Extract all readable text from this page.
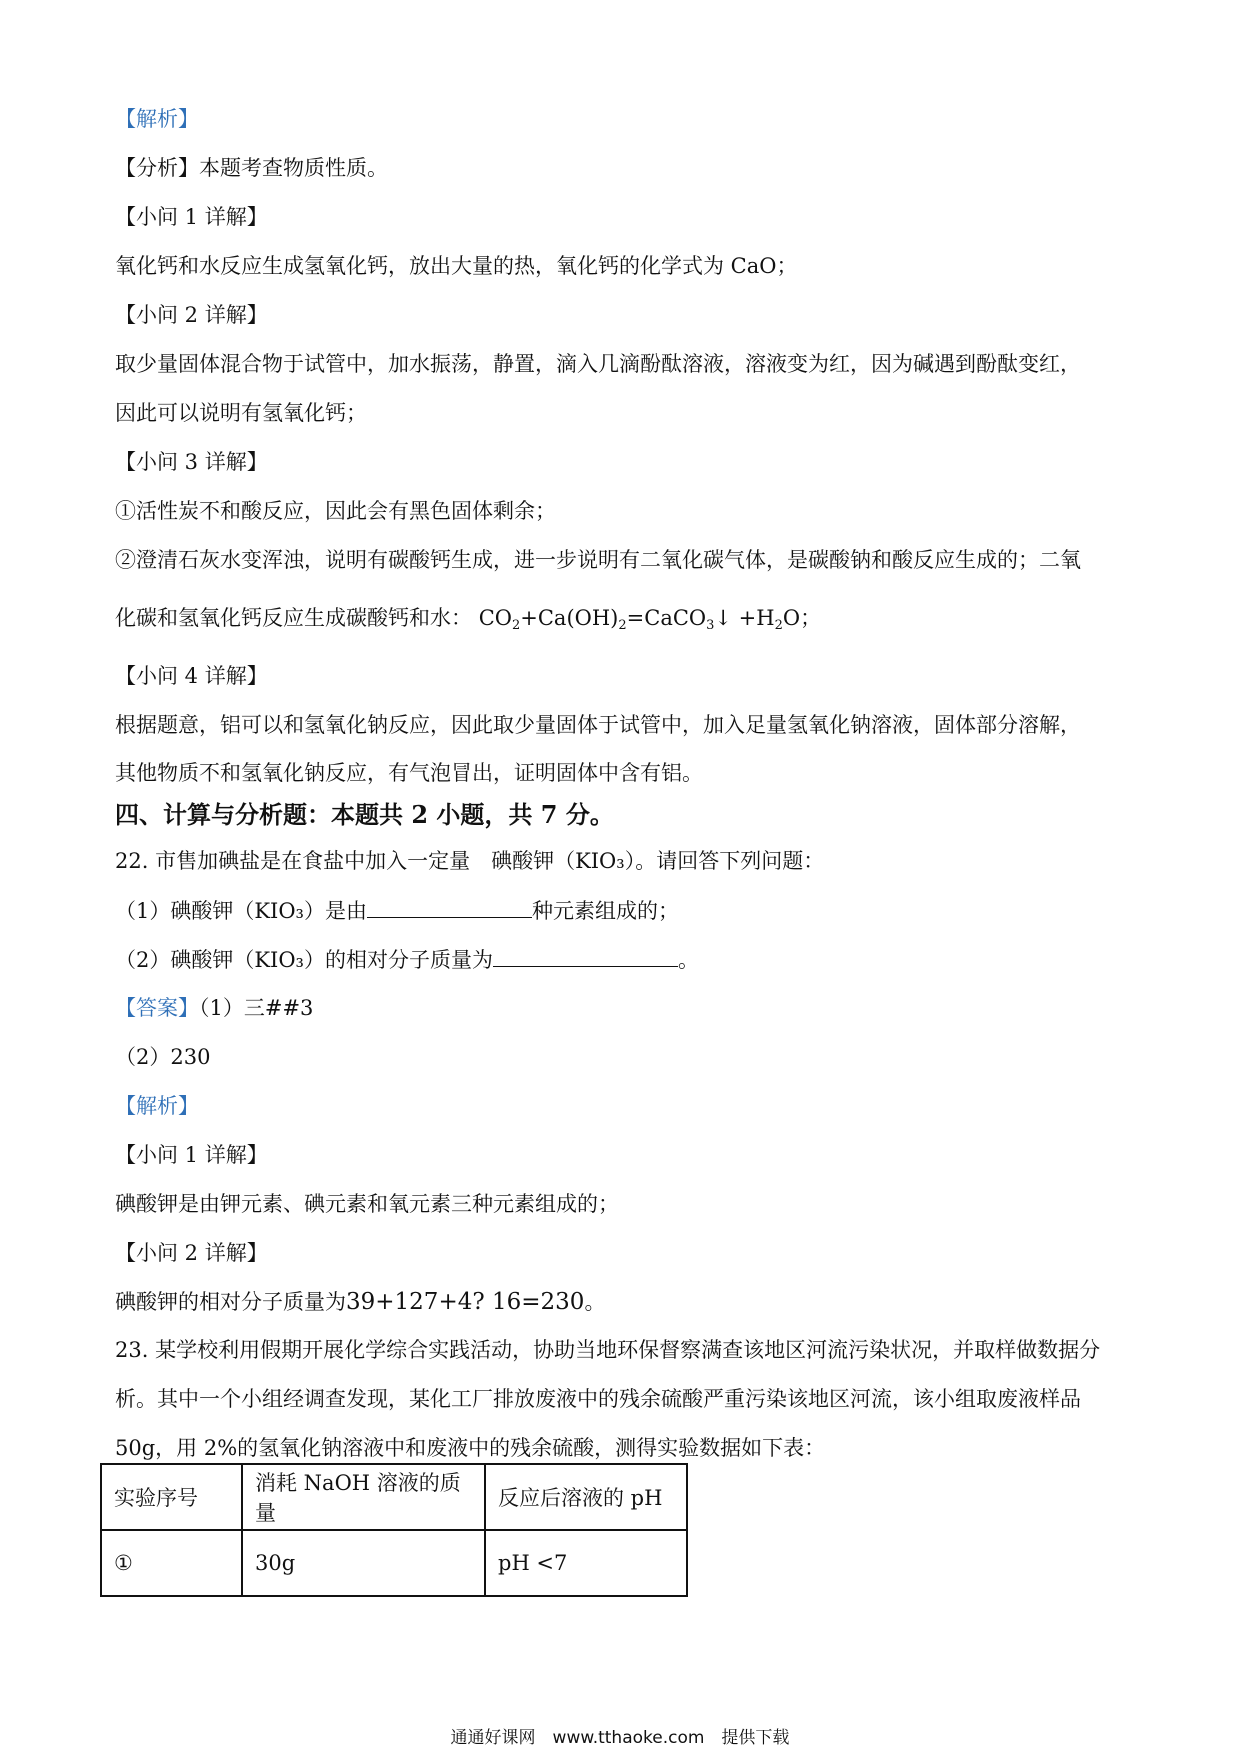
【解析】
【分析】本题考查物质性质。
【小问 1 详解】
氧化钙和水反应生成氢氧化钙，放出大量的热，氧化钙的化学式为 CaO；
【小问 2 详解】
取少量固体混合物于试管中，加水振荡，静置，滴入几滴酚酞溶液，溶液变为红，因为碱遇到酚酞变红，
因此可以说明有氢氧化钙；
【小问 3 详解】
①活性炭不和酸反应，因此会有黑色固体剩余；
②澄清石灰水变浑浊，说明有碳酸钙生成，进一步说明有二氧化碳气体，是碳酸钠和酸反应生成的；二氧
化碳和氢氧化钙反应生成碳酸钙和水： $CO_2+Ca(OH)_2=CaCO_3↓ +H_2O$；
【小问 4 详解】
根据题意，铝可以和氢氧化钠反应，因此取少量固体于试管中，加入足量氢氧化钠溶液，固体部分溶解，
其他物质不和氢氧化钠反应，有气泡冒出，证明固体中含有铝。
四、计算与分析题：本题共 2 小题，共 7 分。
22. 市售加碘盐是在食盐中加入一定量　碘酸钾（KIO₃）。请回答下列问题：
（1）碘酸钾（KIO₃）是由	种元素组成的；
（2）碘酸钾（KIO₃）的相对分子质量为	。
【答案】（1）三##3
（2）230
【解析】
【小问 1 详解】
碘酸钾是由钾元素、碘元素和氧元素三种元素组成的；
【小问 2 详解】
碘酸钾的相对分子质量为39+127+4? 16=230。
23. 某学校利用假期开展化学综合实践活动，协助当地环保督察满查该地区河流污染状况，并取样做数据分
析。其中一个小组经调查发现，某化工厂排放废液中的残余硫酸严重污染该地区河流，该小组取废液样品
50g，用 2%的氢氧化钠溶液中和废液中的残余硫酸，测得实验数据如下表：
实验序号	消耗 NaOH 溶液的质量	反应后溶液的 pH
①	30g	pH <7
通通好课网　www.tthaoke.com　提供下载
